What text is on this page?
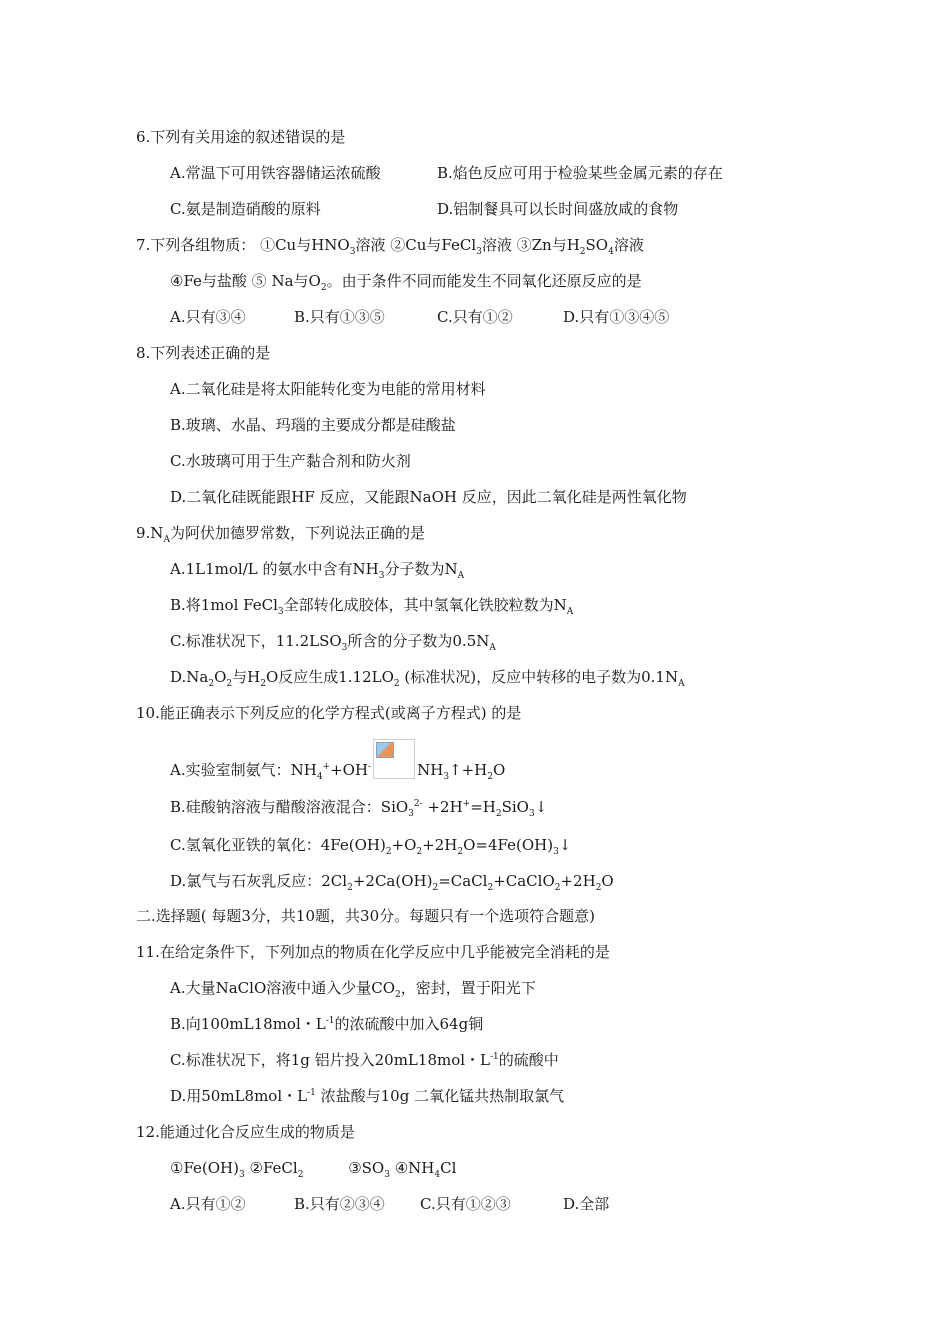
6.下列有关用途的叙述错误的是
A.常温下可用铁容器储运浓硫酸	B.焰色反应可用于检验某些金属元素的存在
C.氨是制造硝酸的原料	D.铝制餐具可以长时间盛放咸的食物
7.下列各组物质： ①Cu与$HNO_3$溶液 ②Cu与FeCl$_3$溶液 ③Zn与$H_2SO_4$溶液
④Fe与盐酸 ⑤ Na与$O_2$。由于条件不同而能发生不同氧化还原反应的是
A.只有③④	B.只有①③⑤	C.只有①②	D.只有①③④⑤
8.下列表述正确的是
A.二氧化硅是将太阳能转化变为电能的常用材料
B.玻璃、水晶、玛瑙的主要成分都是硅酸盐
C.水玻璃可用于生产黏合剂和防火剂
D.二氧化硅既能跟HF 反应，又能跟NaOH 反应，因此二氧化硅是两性氧化物
$9.N_A$为阿伏加德罗常数，下列说法正确的是
A.1L1mol/L 的氨水中含有$NH_3$分子数为$N_A$
B.将1mol FeCl$_3$全部转化成胶体，其中氢氧化铁胶粒数为$N_A$
C.标准状况下，$11.2LSO_3$所含的分子数为$0.5N_A$
$D.Na_2O_2$与$H_2O$反应生成$1.12LO_2$ (标准状况)，反应中转移的电子数为$0.1N_A$
10.能正确表示下列反应的化学方程式(或离子方程式) 的是
A.实验室制氨气：$NH_4^++OH^-$	$NH_3↑+H_2O$
B.硅酸钠溶液与醋酸溶液混合：$SiO_3^{2-} +2H^+=H_2SiO_3↓$
C.氢氧化亚铁的氧化：$4Fe(OH)_2+O_2+2H_2O=4Fe(OH)_3↓$
D.氯气与石灰乳反应：$2Cl_2+2Ca(OH)_2=CaCl_2+CaClO_2+2H_2O$
二.选择题( 每题3分，共10题，共30分。每题只有一个选项符合题意)
11.在给定条件下，下列加点的物质在化学反应中几乎能被完全消耗的是
A.大量NaClO溶液中通入少量$CO_2$，密封，置于阳光下
B.向100mL18mol・$L^{-1}$的浓硫酸中加入64g铜
C.标准状况下，将1g 铝片投入20mL18mol・$L^{-1}$的硫酸中
D.用50mL8mol・$L^{-1}$ 浓盐酸与10g 二氧化锰共热制取氯气
12.能通过化合反应生成的物质是
$①Fe(OH)_3$ ②FeCl$_2$	$③SO_3$ $④NH_4Cl$
A.只有①②	B.只有②③④ C.只有①②③	D.全部
